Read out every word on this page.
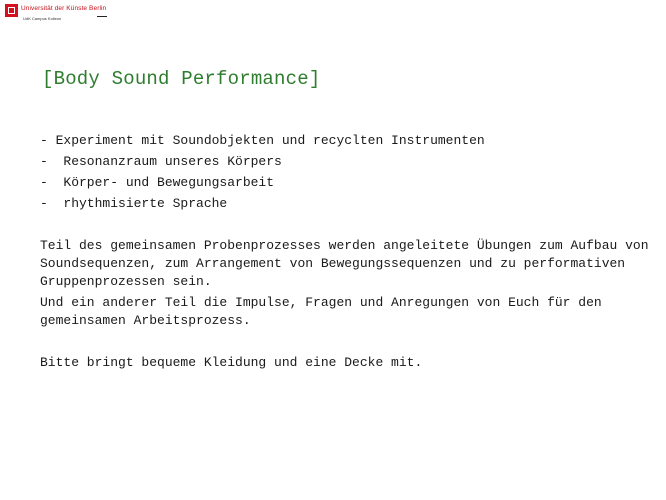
Universität der Künste Berlin
UdK Campus Kolleon
[Body Sound Performance]
- Experiment mit Soundobjekten und recyclten Instrumenten
-  Resonanzraum unseres Körpers
-  Körper- und Bewegungsarbeit
-  rhythmisierte Sprache

Teil des gemeinsamen Probenprozesses werden angeleitete Übungen zum Aufbau von Soundsequenzen, zum Arrangement von Bewegungssequenzen und zu performativen Gruppenprozessen sein.

Und ein anderer Teil die Impulse, Fragen und Anregungen von Euch für den gemeinsamen Arbeitsprozess.

Bitte bringt bequeme Kleidung und eine Decke mit.
